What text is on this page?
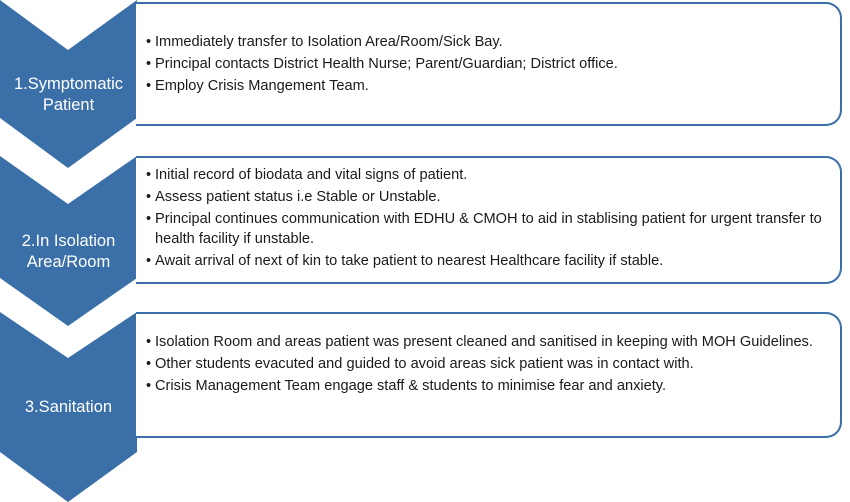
1.Symptomatic
Patient
• Immediately transfer to Isolation Area/Room/Sick Bay.
• Principal contacts District Health Nurse; Parent/Guardian; District office.
• Employ Crisis Mangement Team.
2.In Isolation
Area/Room
• Initial record of biodata and vital signs of patient.
• Assess patient status i.e Stable or Unstable.
• Principal continues communication with EDHU & CMOH to aid in stablising patient for urgent transfer to health facility if unstable.
• Await arrival of next of kin to take patient to nearest Healthcare facility if stable.
3.Sanitation
• Isolation Room and areas patient was present cleaned and sanitised in keeping with MOH Guidelines.
• Other students evacuted and guided to avoid areas sick patient was in contact with.
• Crisis Management Team engage staff & students to minimise fear and anxiety.
